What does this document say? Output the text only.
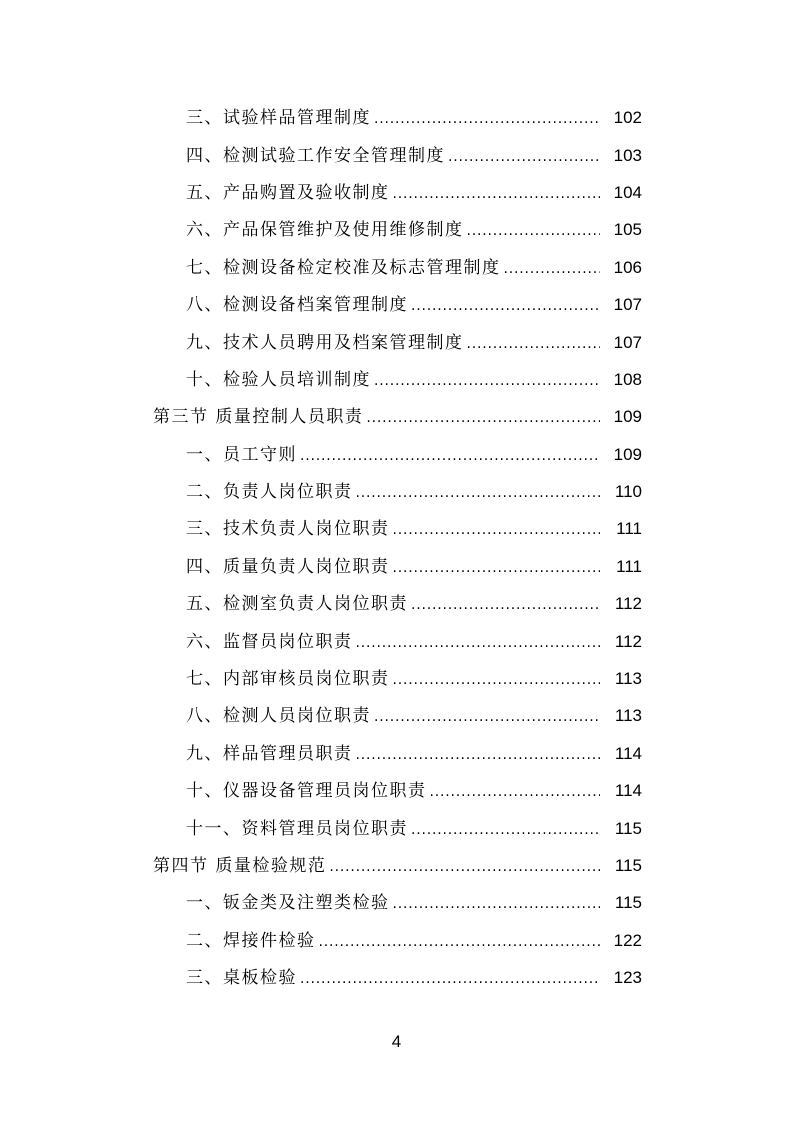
三、试验样品管理制度 .....	102
四、检测试验工作安全管理制度 .....	103
五、产品购置及验收制度 .....	104
六、产品保管维护及使用维修制度 .....	105
七、检测设备检定校准及标志管理制度 .....	106
八、检测设备档案管理制度 .....	107
九、技术人员聘用及档案管理制度 .....	107
十、检验人员培训制度 .....	108
第三节 质量控制人员职责 .....	109
一、员工守则 .....	109
二、负责人岗位职责 .....	110
三、技术负责人岗位职责 .....	111
四、质量负责人岗位职责 .....	111
五、检测室负责人岗位职责 .....	112
六、监督员岗位职责 .....	112
七、内部审核员岗位职责 .....	113
八、检测人员岗位职责 .....	113
九、样品管理员职责 .....	114
十、仪器设备管理员岗位职责 .....	114
十一、资料管理员岗位职责 .....	115
第四节 质量检验规范 .....	115
一、钣金类及注塑类检验 .....	115
二、焊接件检验 .....	122
三、桌板检验 .....	123
4
